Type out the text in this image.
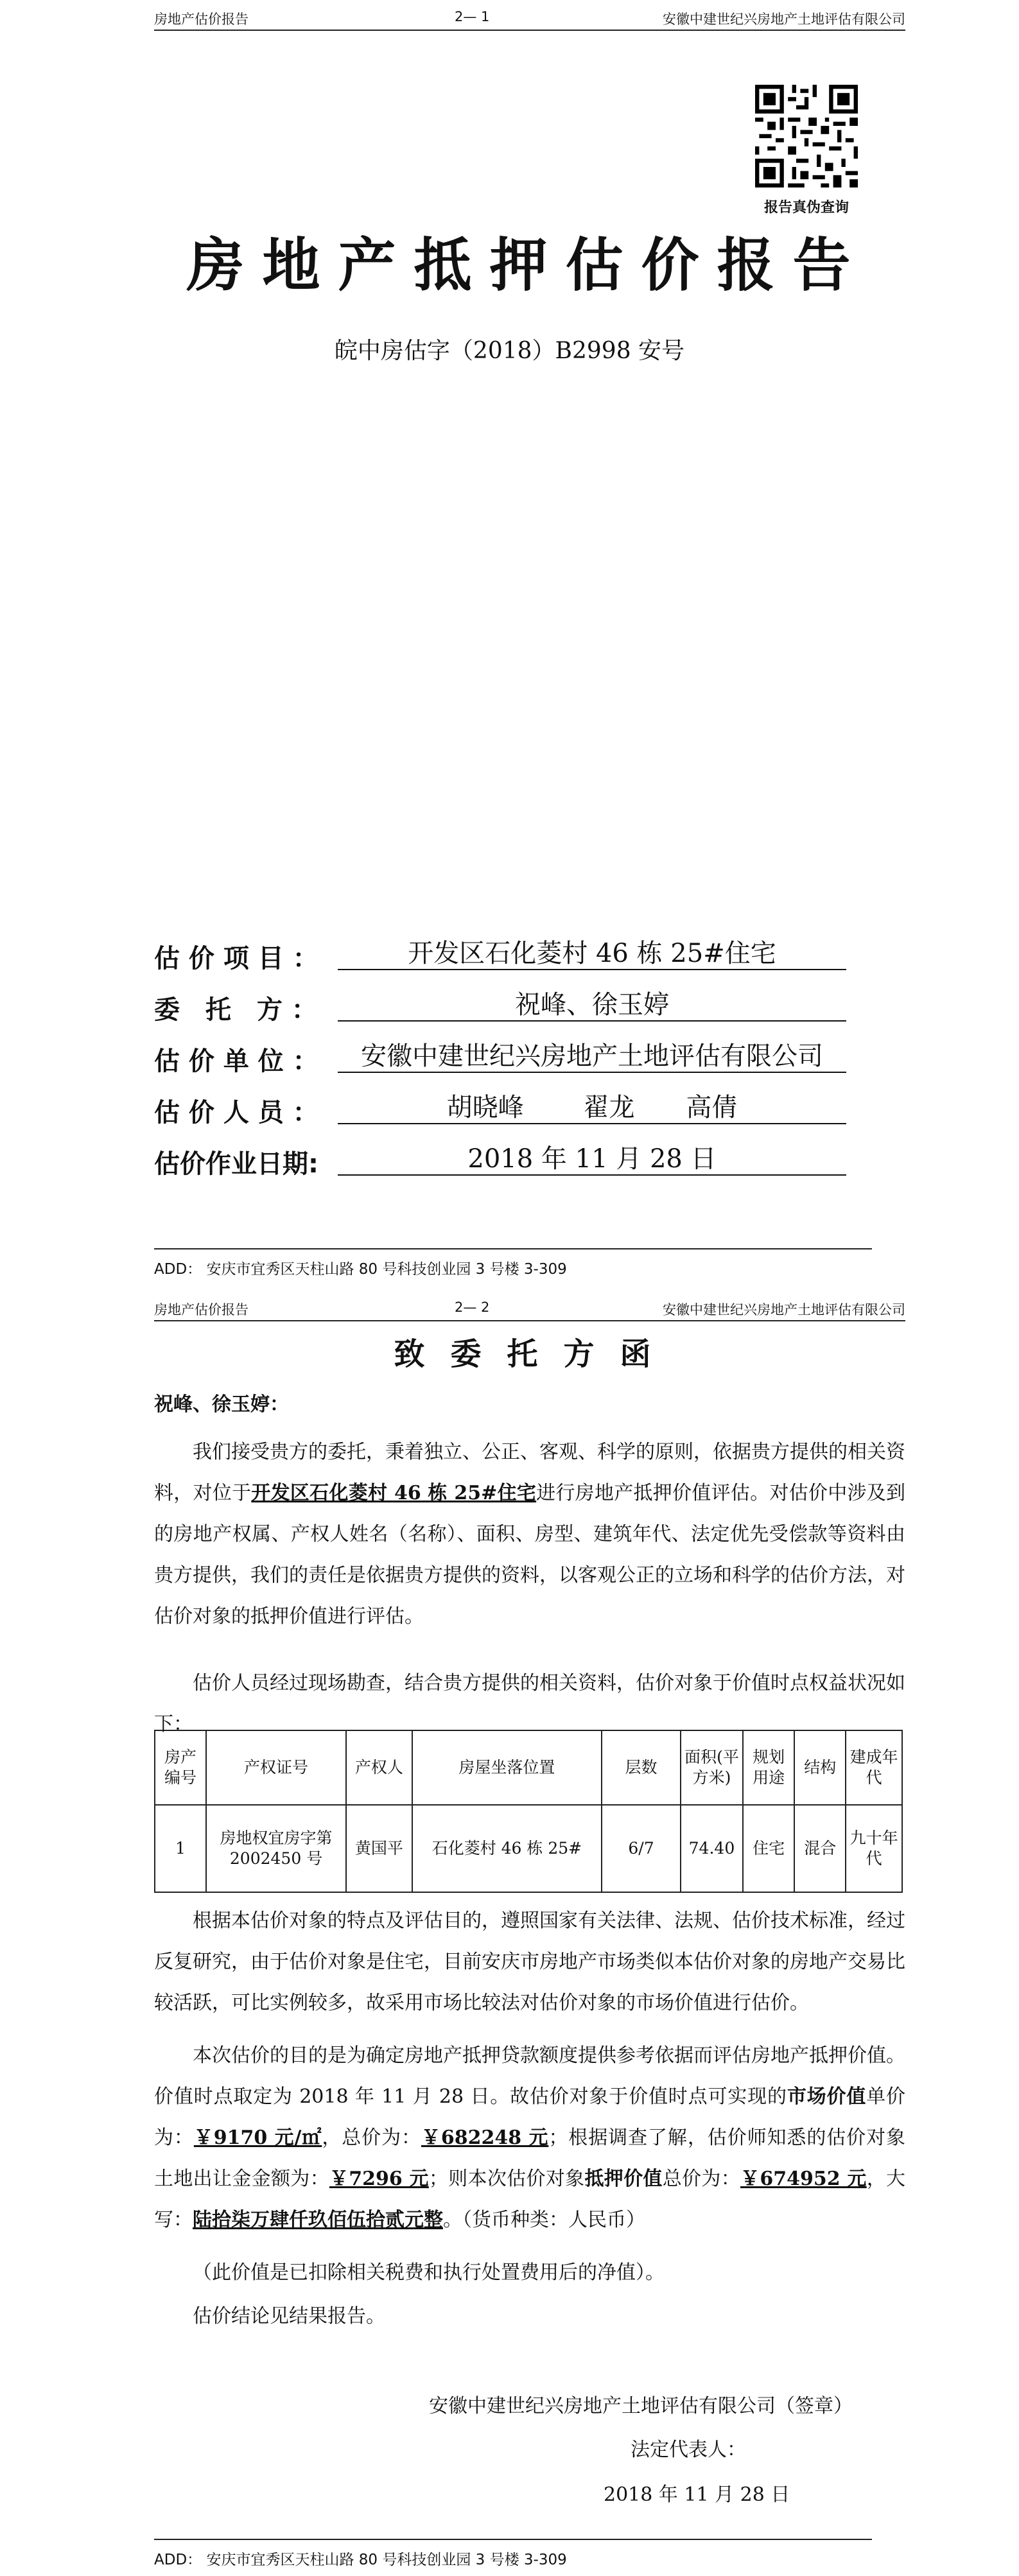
房地产估价报告	2— 1	安徽中建世纪兴房地产土地评估有限公司
报告真伪查询
房地产抵押估价报告
皖中房估字（2018）B2998 安号
估 价 项 目 ：	开发区石化菱村 46 栋 25#住宅
委　托　方 ：	祝峰、徐玉婷
估 价 单 位 ：	安徽中建世纪兴房地产土地评估有限公司
估 价 人 员 ：	胡晓峰　　 翟龙　　高倩
估价作业日期:	2018 年 11 月 28 日
ADD： 安庆市宜秀区天柱山路 80 号科技创业园 3 号楼 3-309
房地产估价报告	2— 2	安徽中建世纪兴房地产土地评估有限公司
致委托方函
祝峰、徐玉婷：
我们接受贵方的委托，秉着独立、公正、客观、科学的原则，依据贵方提供的相关资料，对位于开发区石化菱村 46 栋 25#住宅进行房地产抵押价值评估。对估价中涉及到的房地产权属、产权人姓名（名称）、面积、房型、建筑年代、法定优先受偿款等资料由贵方提供，我们的责任是依据贵方提供的资料，以客观公正的立场和科学的估价方法，对估价对象的抵押价值进行评估。
估价人员经过现场勘查，结合贵方提供的相关资料，估价对象于价值时点权益状况如下：
房产编号	产权证号	产权人	房屋坐落位置	层数	面积(平方米)	规划用途	结构	建成年代
1	房地权宜房字第 2002450 号	黄国平	石化菱村 46 栋 25#	6/7	74.40	住宅	混合	九十年代
根据本估价对象的特点及评估目的，遵照国家有关法律、法规、估价技术标准，经过反复研究，由于估价对象是住宅，目前安庆市房地产市场类似本估价对象的房地产交易比较活跃，可比实例较多，故采用市场比较法对估价对象的市场价值进行估价。
本次估价的目的是为确定房地产抵押贷款额度提供参考依据而评估房地产抵押价值。价值时点取定为 2018 年 11 月 28 日。故估价对象于价值时点可实现的市场价值单价为：￥9170 元/㎡，总价为：￥682248 元；根据调查了解，估价师知悉的估价对象土地出让金金额为：￥7296 元；则本次估价对象抵押价值总价为：￥674952 元，大写：陆拾柒万肆仟玖佰伍拾贰元整。（货币种类：人民币）
（此价值是已扣除相关税费和执行处置费用后的净值）。
估价结论见结果报告。
安徽中建世纪兴房地产土地评估有限公司（签章）
法定代表人：
2018 年 11 月 28 日
ADD： 安庆市宜秀区天柱山路 80 号科技创业园 3 号楼 3-309
